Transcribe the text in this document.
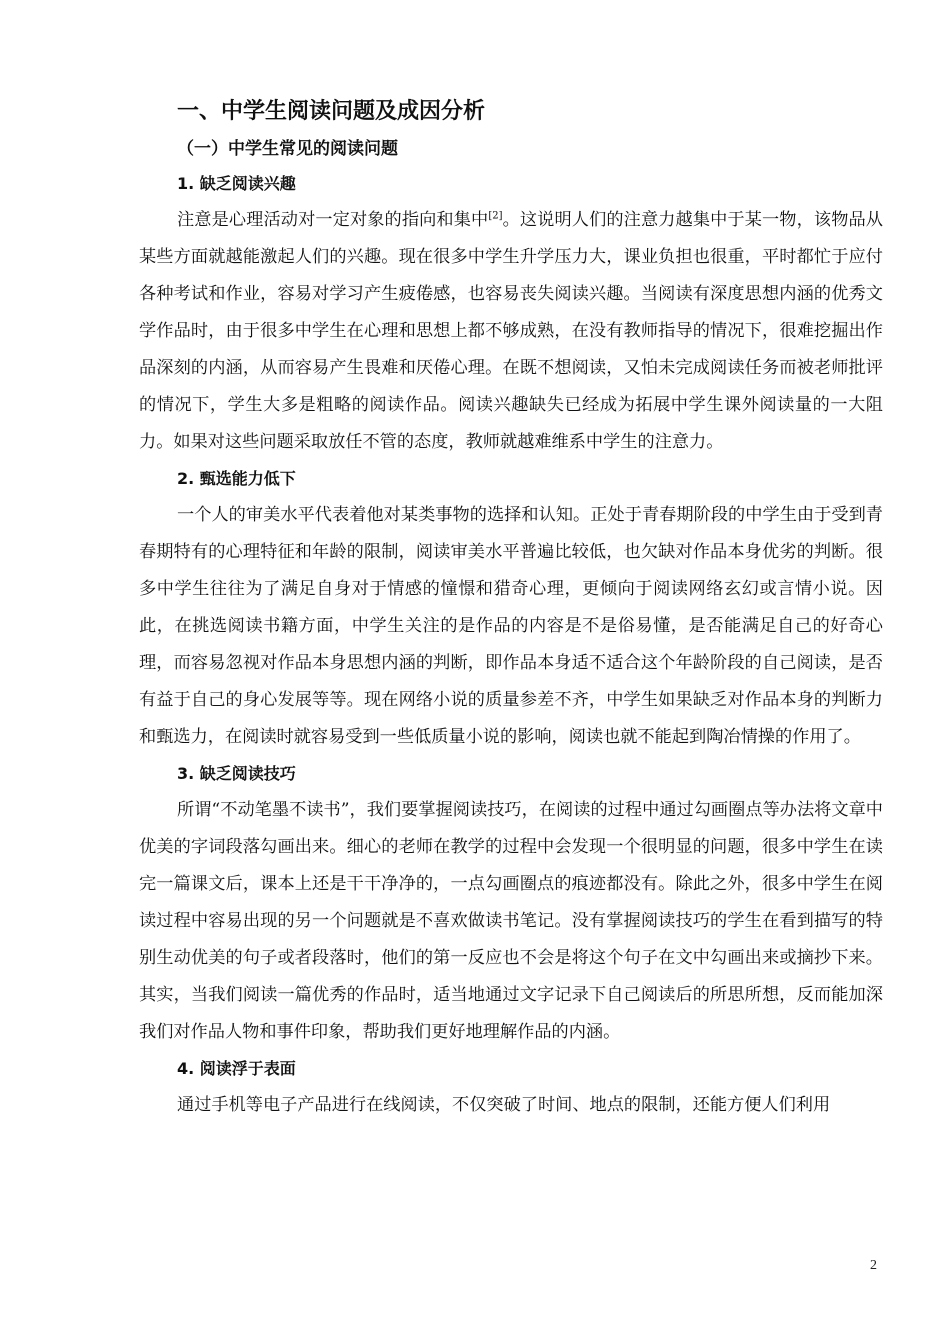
一、中学生阅读问题及成因分析
（一）中学生常见的阅读问题
1. 缺乏阅读兴趣

注意是心理活动对一定对象的指向和集中[2]。这说明人们的注意力越集中于某一物，该物品从某些方面就越能激起人们的兴趣。现在很多中学生升学压力大，课业负担也很重，平时都忙于应付各种考试和作业，容易对学习产生疲倦感，也容易丧失阅读兴趣。当阅读有深度思想内涵的优秀文学作品时，由于很多中学生在心理和思想上都不够成熟，在没有教师指导的情况下，很难挖掘出作品深刻的内涵，从而容易产生畏难和厌倦心理。在既不想阅读，又怕未完成阅读任务而被老师批评的情况下，学生大多是粗略的阅读作品。阅读兴趣缺失已经成为拓展中学生课外阅读量的一大阻力。如果对这些问题采取放任不管的态度，教师就越难维系中学生的注意力。

2. 甄选能力低下

一个人的审美水平代表着他对某类事物的选择和认知。正处于青春期阶段的中学生由于受到青春期特有的心理特征和年龄的限制，阅读审美水平普遍比较低，也欠缺对作品本身优劣的判断。很多中学生往往为了满足自身对于情感的憧憬和猎奇心理，更倾向于阅读网络玄幻或言情小说。因此，在挑选阅读书籍方面，中学生关注的是作品的内容是不是俗易懂，是否能满足自己的好奇心理，而容易忽视对作品本身思想内涵的判断，即作品本身适不适合这个年龄阶段的自己阅读，是否有益于自己的身心发展等等。现在网络小说的质量参差不齐，中学生如果缺乏对作品本身的判断力和甄选力，在阅读时就容易受到一些低质量小说的影响，阅读也就不能起到陶冶情操的作用了。

3. 缺乏阅读技巧

所谓“不动笔墨不读书”，我们要掌握阅读技巧，在阅读的过程中通过勾画圈点等办法将文章中优美的字词段落勾画出来。细心的老师在教学的过程中会发现一个很明显的问题，很多中学生在读完一篇课文后，课本上还是干干净净的，一点勾画圈点的痕迹都没有。除此之外，很多中学生在阅读过程中容易出现的另一个问题就是不喜欢做读书笔记。没有掌握阅读技巧的学生在看到描写的特别生动优美的句子或者段落时，他们的第一反应也不会是将这个句子在文中勾画出来或摘抄下来。其实，当我们阅读一篇优秀的作品时，适当地通过文字记录下自己阅读后的所思所想，反而能加深我们对作品人物和事件印象，帮助我们更好地理解作品的内涵。

4. 阅读浮于表面

通过手机等电子产品进行在线阅读，不仅突破了时间、地点的限制，还能方便人们利用

2
